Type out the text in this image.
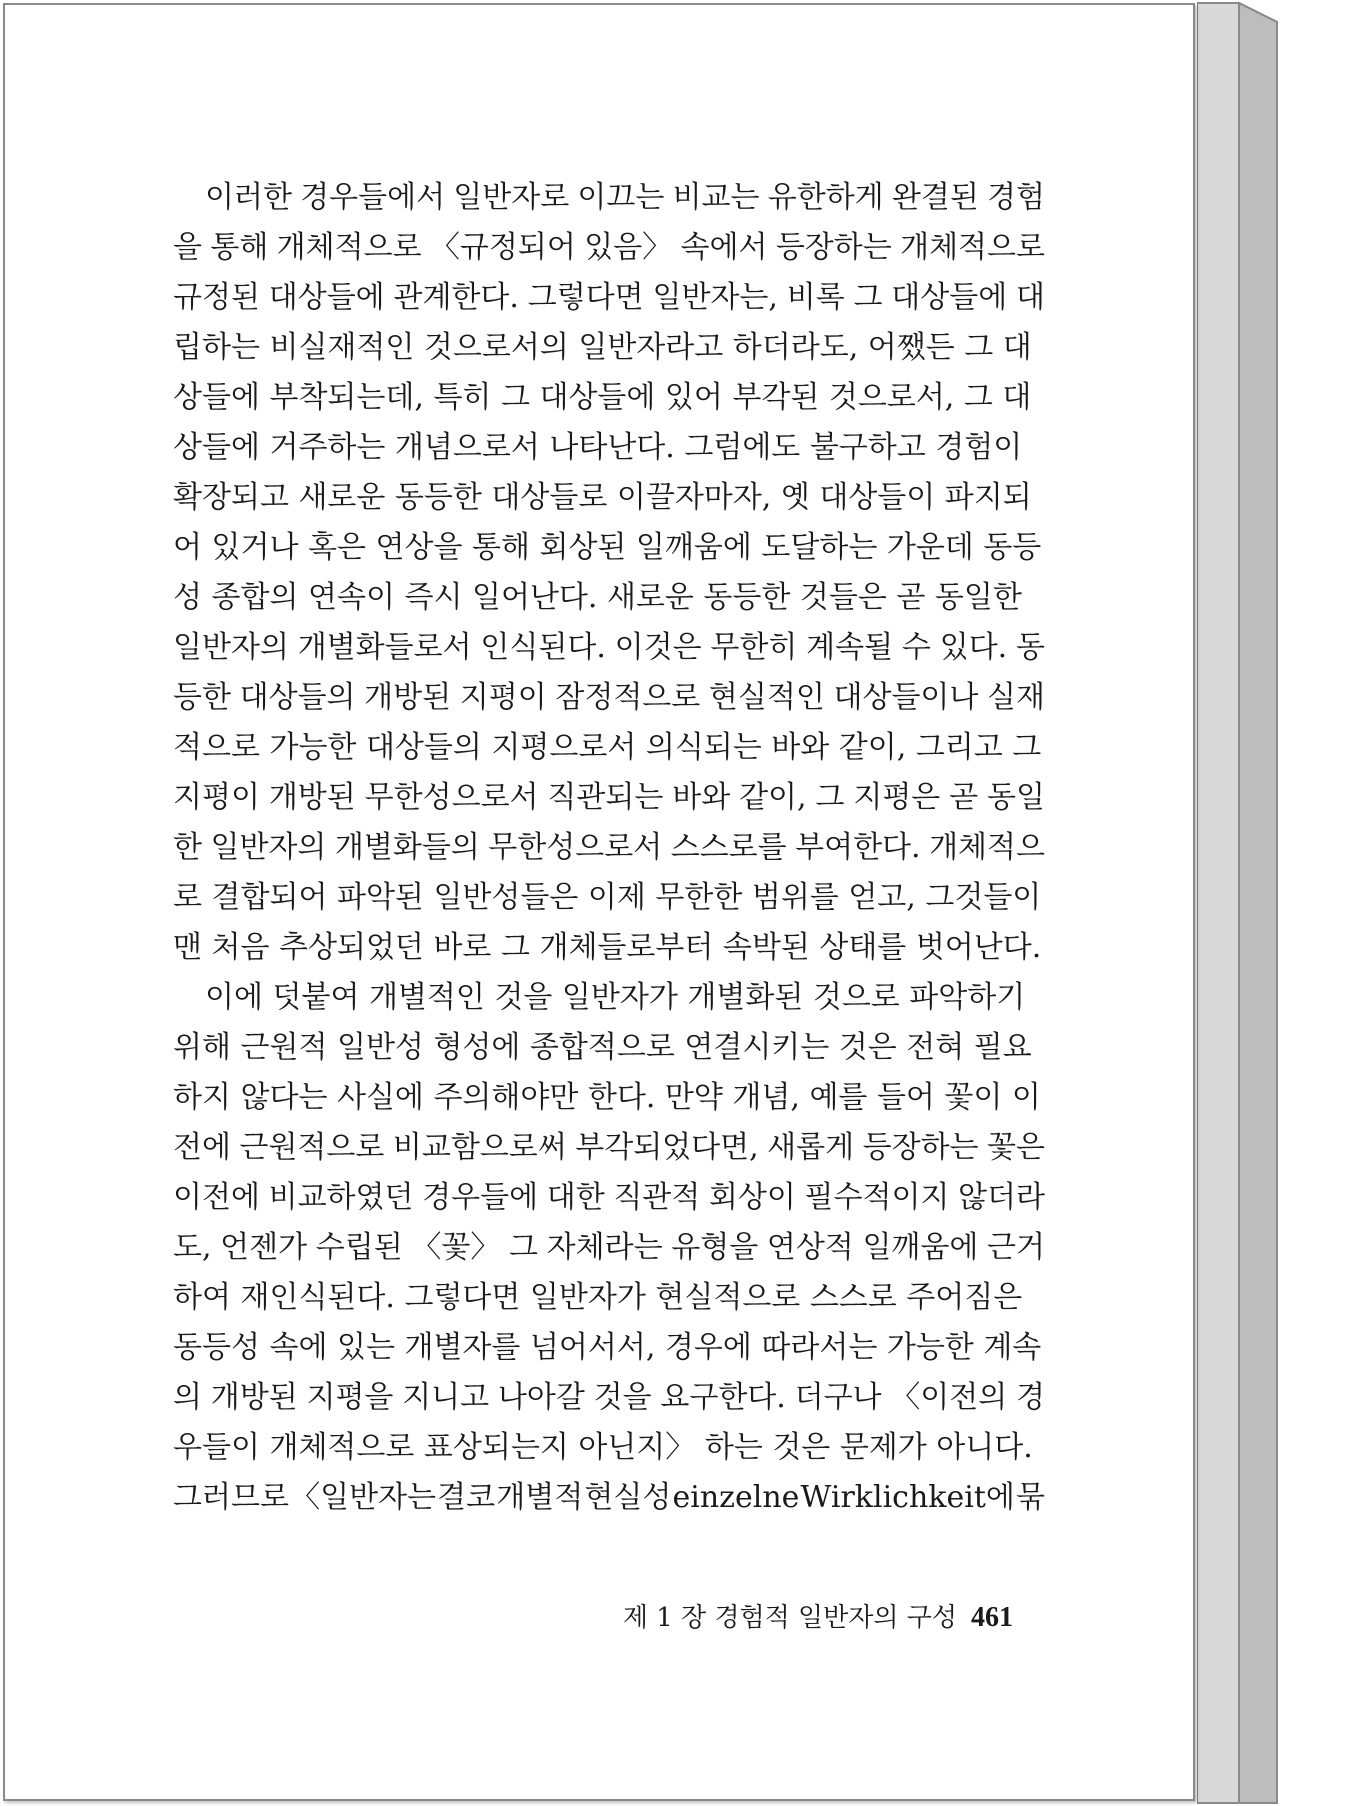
이러한 경우들에서 일반자로 이끄는 비교는 유한하게 완결된 경험
을 통해 개체적으로 〈규정되어 있음〉 속에서 등장하는 개체적으로
규정된 대상들에 관계한다. 그렇다면 일반자는, 비록 그 대상들에 대
립하는 비실재적인 것으로서의 일반자라고 하더라도, 어쨌든 그 대
상들에 부착되는데, 특히 그 대상들에 있어 부각된 것으로서, 그 대
상들에 거주하는 개념으로서 나타난다. 그럼에도 불구하고 경험이
확장되고 새로운 동등한 대상들로 이끌자마자, 옛 대상들이 파지되
어 있거나 혹은 연상을 통해 회상된 일깨움에 도달하는 가운데 동등
성 종합의 연속이 즉시 일어난다. 새로운 동등한 것들은 곧 동일한
일반자의 개별화들로서 인식된다. 이것은 무한히 계속될 수 있다. 동
등한 대상들의 개방된 지평이 잠정적으로 현실적인 대상들이나 실재
적으로 가능한 대상들의 지평으로서 의식되는 바와 같이, 그리고 그
지평이 개방된 무한성으로서 직관되는 바와 같이, 그 지평은 곧 동일
한 일반자의 개별화들의 무한성으로서 스스로를 부여한다. 개체적으
로 결합되어 파악된 일반성들은 이제 무한한 범위를 얻고, 그것들이
맨 처음 추상되었던 바로 그 개체들로부터 속박된 상태를 벗어난다.
이에 덧붙여 개별적인 것을 일반자가 개별화된 것으로 파악하기
위해 근원적 일반성 형성에 종합적으로 연결시키는 것은 전혀 필요
하지 않다는 사실에 주의해야만 한다. 만약 개념, 예를 들어 꽃이 이
전에 근원적으로 비교함으로써 부각되었다면, 새롭게 등장하는 꽃은
이전에 비교하였던 경우들에 대한 직관적 회상이 필수적이지 않더라
도, 언젠가 수립된 〈꽃〉 그 자체라는 유형을 연상적 일깨움에 근거
하여 재인식된다. 그렇다면 일반자가 현실적으로 스스로 주어짐은
동등성 속에 있는 개별자를 넘어서서, 경우에 따라서는 가능한 계속
의 개방된 지평을 지니고 나아갈 것을 요구한다. 더구나 〈이전의 경
우들이 개체적으로 표상되는지 아닌지〉 하는 것은 문제가 아니다.
그러므로 〈일반자는 결코 개별적 현실성 einzelne Wirklichkeit에 묶
제 1 장 경험적 일반자의 구성 461
